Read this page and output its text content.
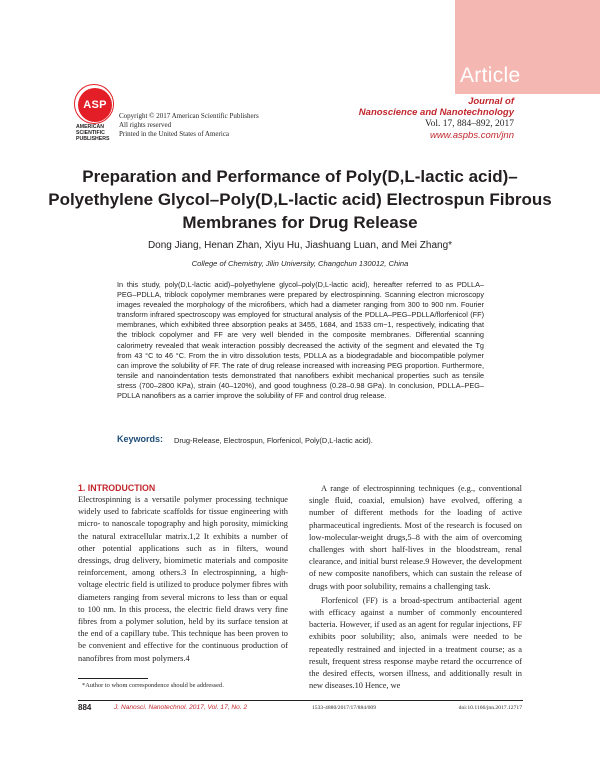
Article
ASP
AMERICAN
SCIENTIFIC
PUBLISHERS
Copyright © 2017 American Scientific Publishers
All rights reserved
Printed in the United States of America
Journal of
Nanoscience and Nanotechnology
Vol. 17, 884–892, 2017
www.aspbs.com/jnn
Preparation and Performance of Poly(D,L-lactic acid)–Polyethylene Glycol–Poly(D,L-lactic acid) Electrospun Fibrous Membranes for Drug Release
Dong Jiang, Henan Zhan, Xiyu Hu, Jiashuang Luan, and Mei Zhang*
College of Chemistry, Jilin University, Changchun 130012, China
In this study, poly(D,L-lactic acid)–polyethylene glycol–poly(D,L-lactic acid), hereafter referred to as PDLLA–PEG–PDLLA, triblock copolymer membranes were prepared by electrospinning. Scanning electron microscopy images revealed the morphology of the microfibers, which had a diameter ranging from 300 to 900 nm. Fourier transform infrared spectroscopy was employed for structural analysis of the PDLLA–PEG–PDLLA/florfenicol (FF) membranes, which exhibited three absorption peaks at 3455, 1684, and 1533 cm−1, respectively, indicating that the triblock copolymer and FF are very well blended in the composite membranes. Differential scanning calorimetry revealed that weak interaction possibly decreased the activity of the segment and elevated the Tg from 43 °C to 46 °C. From the in vitro dissolution tests, PDLLA as a biodegradable and biocompatible polymer can improve the solubility of FF. The rate of drug release increased with increasing PEG proportion. Furthermore, tensile and nanoindentation tests demonstrated that nanofibers exhibit mechanical properties such as tensile stress (700–2800 KPa), strain (40–120%), and good toughness (0.28–0.98 GPa). In conclusion, PDLLA–PEG–PDLLA nanofibers as a carrier improve the solubility of FF and control drug release.
Keywords: Drug-Release, Electrospun, Florfenicol, Poly(D,L-lactic acid).
1. INTRODUCTION

Electrospinning is a versatile polymer processing technique widely used to fabricate scaffolds for tissue engineering with micro- to nanoscale topography and high porosity, mimicking the natural extracellular matrix.1,2 It exhibits a number of other potential applications such as in filters, wound dressings, drug delivery, biomimetic materials and composite reinforcement, among others.3 In electrospinning, a high-voltage electric field is utilized to produce polymer fibres with diameters ranging from several microns to less than or equal to 100 nm. In this process, the electric field draws very fine fibres from a polymer solution, held by its surface tension at the end of a capillary tube. This technique has been proven to be convenient and effective for the continuous production of nanofibres from most polymers.4

A range of electrospinning techniques (e.g., conventional single fluid, coaxial, emulsion) have evolved, offering a number of different methods for the loading of active pharmaceutical ingredients. Most of the research is focused on low-molecular-weight drugs,5–8 with the aim of overcoming challenges with short half-lives in the bloodstream, renal clearance, and initial burst release.9 However, the development of new composite nanofibers, which can sustain the release of drugs with poor solubility, remains a challenging task.

Florfenicol (FF) is a broad-spectrum antibacterial agent with efficacy against a number of commonly encountered bacteria. However, if used as an agent for regular injections, FF exhibits poor solubility; also, animals were needed to be repeatedly restrained and injected in a treatment course; as a result, frequent stress response maybe retard the occurrence of the desired effects, worsen illness, and additionally result in new diseases.10 Hence, we

*Author to whom correspondence should be addressed.
884	J. Nanosci. Nanotechnol. 2017, Vol. 17, No. 2	1533-4880/2017/17/884/009	doi:10.1166/jnn.2017.12717
